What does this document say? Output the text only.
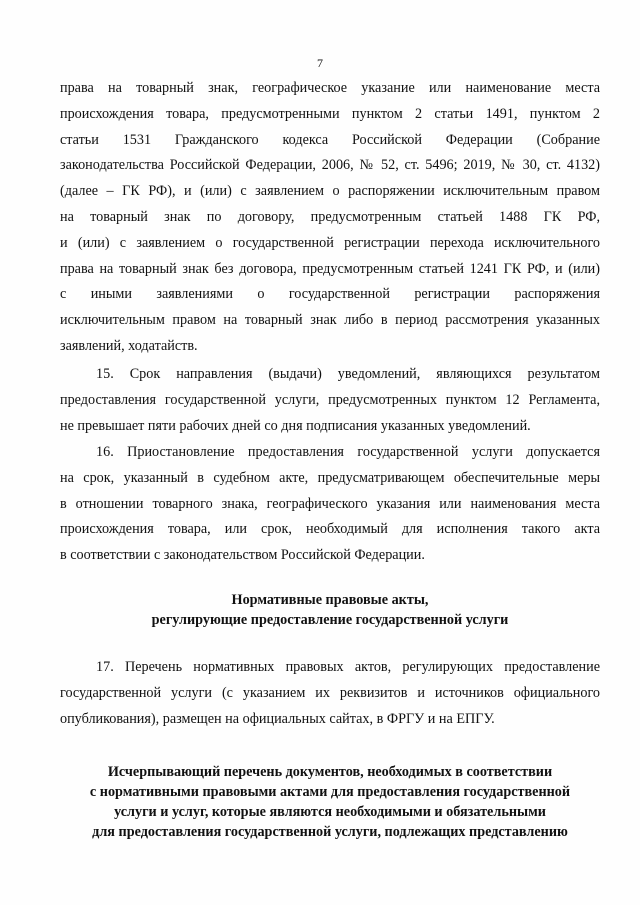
7
права на товарный знак, географическое указание или наименование места
происхождения товара, предусмотренными пунктом 2 статьи 1491, пунктом 2
статьи 1531 Гражданского кодекса Российской Федерации (Собрание
законодательства Российской Федерации, 2006, № 52, ст. 5496; 2019, № 30, ст. 4132)
(далее – ГК РФ), и (или) с заявлением о распоряжении исключительным правом
на товарный знак по договору, предусмотренным статьей 1488 ГК РФ,
и (или) с заявлением о государственной регистрации перехода исключительного
права на товарный знак без договора, предусмотренным статьей 1241 ГК РФ, и (или)
с иными заявлениями о государственной регистрации распоряжения
исключительным правом на товарный знак либо в период рассмотрения указанных
заявлений, ходатайств.
15. Срок направления (выдачи) уведомлений, являющихся результатом
предоставления государственной услуги, предусмотренных пунктом 12 Регламента,
не превышает пяти рабочих дней со дня подписания указанных уведомлений.
16. Приостановление предоставления государственной услуги допускается
на срок, указанный в судебном акте, предусматривающем обеспечительные меры
в отношении товарного знака, географического указания или наименования места
происхождения товара, или срок, необходимый для исполнения такого акта
в соответствии с законодательством Российской Федерации.
Нормативные правовые акты,
регулирующие предоставление государственной услуги
17. Перечень нормативных правовых актов, регулирующих предоставление
государственной услуги (с указанием их реквизитов и источников официального
опубликования), размещен на официальных сайтах, в ФРГУ и на ЕПГУ.
Исчерпывающий перечень документов, необходимых в соответствии
с нормативными правовыми актами для предоставления государственной
услуги и услуг, которые являются необходимыми и обязательными
для предоставления государственной услуги, подлежащих представлению
